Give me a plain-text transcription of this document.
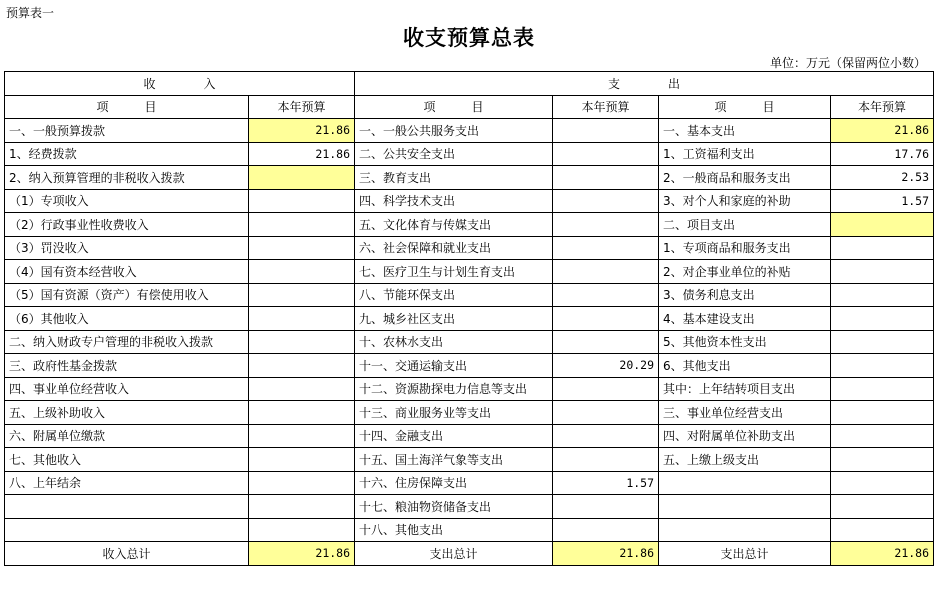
预算表一
收支预算总表
单位：万元（保留两位小数）
收　　　　入		支　　　　出			
项　　　目	本年预算	项　　　目	本年预算	项　　　目	本年预算
一、一般预算拨款	21.86	一、一般公共服务支出		一、基本支出	21.86
1、经费拨款	21.86	二、公共安全支出		1、工资福利支出	17.76
2、纳入预算管理的非税收入拨款		三、教育支出		2、一般商品和服务支出	2.53
（1）专项收入		四、科学技术支出		3、对个人和家庭的补助	1.57
（2）行政事业性收费收入		五、文化体育与传媒支出		二、项目支出	
（3）罚没收入		六、社会保障和就业支出		1、专项商品和服务支出	
（4）国有资本经营收入		七、医疗卫生与计划生育支出		2、对企事业单位的补贴	
（5）国有资源（资产）有偿使用收入		八、节能环保支出		3、债务利息支出	
（6）其他收入		九、城乡社区支出		4、基本建设支出	
二、纳入财政专户管理的非税收入拨款		十、农林水支出		5、其他资本性支出	
三、政府性基金拨款		十一、交通运输支出	20.29	6、其他支出	
四、事业单位经营收入		十二、资源勘探电力信息等支出		其中：上年结转项目支出	
五、上级补助收入		十三、商业服务业等支出		三、事业单位经营支出	
六、附属单位缴款		十四、金融支出		四、对附属单位补助支出	
七、其他收入		十五、国土海洋气象等支出		五、上缴上级支出	
八、上年结余		十六、住房保障支出	1.57		
		十七、粮油物资储备支出			
		十八、其他支出			
收入总计	21.86	支出总计	21.86	支出总计	21.86
